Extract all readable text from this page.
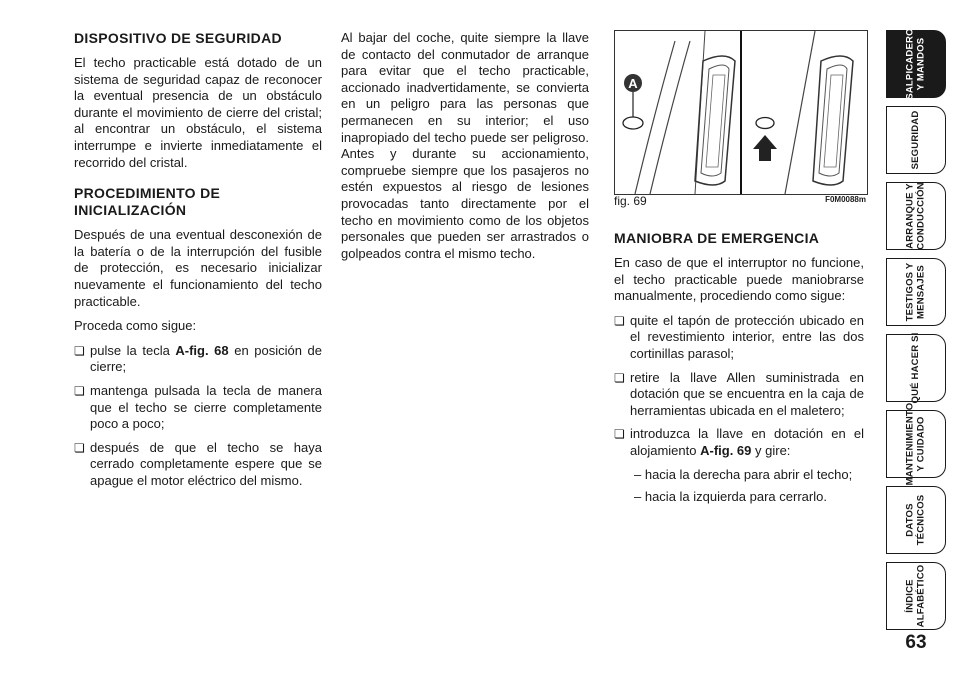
DISPOSITIVO DE SEGURIDAD

El techo practicable está dotado de un sistema de seguridad capaz de reconocer la eventual presencia de un obstáculo durante el movimiento de cierre del cristal; al encontrar un obstáculo, el sistema interrumpe e invierte inmediatamente el recorrido del cristal.

PROCEDIMIENTO DE INICIALIZACIÓN

Después de una eventual desconexión de la batería o de la interrupción del fusible de protección, es necesario inicializar nuevamente el funcionamiento del techo practicable.

Proceda como sigue:

❏ pulse la tecla A-fig. 68 en posición de cierre;
❏ mantenga pulsada la tecla de manera que el techo se cierre completamente poco a poco;
❏ después de que el techo se haya cerrado completamente espere que se apague el motor eléctrico del mismo.

Al bajar del coche, quite siempre la llave de contacto del conmutador de arranque para evitar que el techo practicable, accionado inadvertidamente, se convierta en un peligro para las personas que permanecen en su interior; el uso inapropiado del techo puede ser peligroso. Antes y durante su accionamiento, compruebe siempre que los pasajeros no estén expuestos al riesgo de lesiones provocadas tanto directamente por el techo en movimiento como de los objetos personales que pueden ser arrastrados o golpeados contra el mismo techo.

A
fig. 69	F0M0088m
MANIOBRA DE EMERGENCIA

En caso de que el interruptor no funcione, el techo practicable puede maniobrarse manualmente, procediendo como sigue:

❏ quite el tapón de protección ubicado en el revestimiento interior, entre las dos cortinillas parasol;
❏ retire la llave Allen suministrada en dotación que se encuentra en la caja de herramientas ubicada en el maletero;
❏ introduzca la llave en dotación en el alojamiento A-fig. 69 y gire:
– hacia la derecha para abrir el techo;
– hacia la izquierda para cerrarlo.
SALPICADERO
Y MANDOS
SEGURIDAD
ARRANQUE Y
CONDUCCIÓN
TESTIGOS Y
MENSAJES
QUÉ HACER SI
MANTENIMIENTO
Y CUIDADO
DATOS
TÉCNICOS
ÍNDICE
ALFABÉTICO
63
